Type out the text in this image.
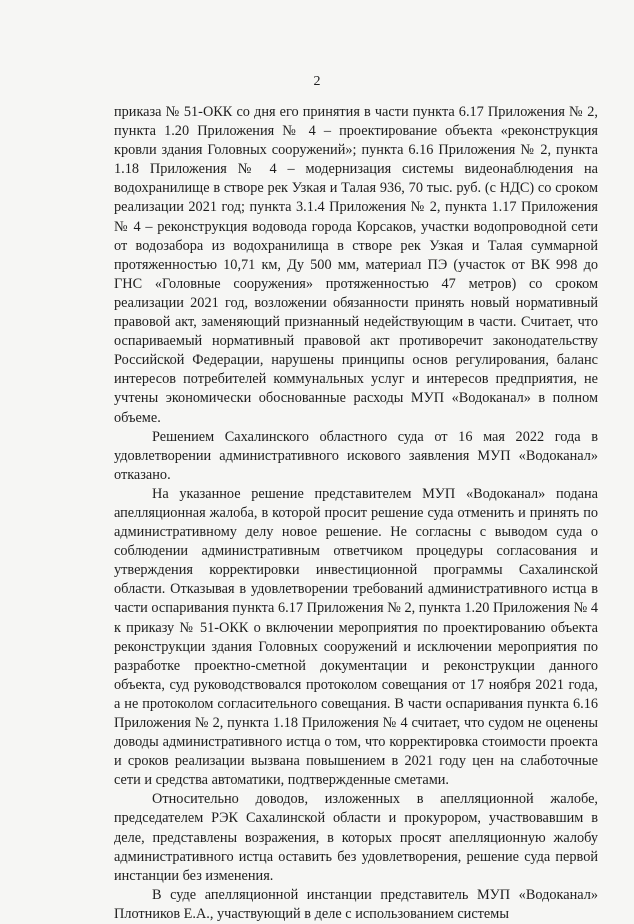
2

приказа № 51-ОКК со дня его принятия в части пункта 6.17 Приложения № 2, пункта 1.20 Приложения № 4 – проектирование объекта «реконструкция кровли здания Головных сооружений»; пункта 6.16 Приложения № 2, пункта 1.18 Приложения № 4 – модернизация системы видеонаблюдения на водохранилище в створе рек Узкая и Талая 936, 70 тыс. руб. (с НДС) со сроком реализации 2021 год; пункта 3.1.4 Приложения № 2, пункта 1.17 Приложения № 4 – реконструкция водовода города Корсаков, участки водопроводной сети от водозабора из водохранилища в створе рек Узкая и Талая суммарной протяженностью 10,71 км, Ду 500 мм, материал ПЭ (участок от ВК 998 до ГНС «Головные сооружения» протяженностью 47 метров) со сроком реализации 2021 год, возложении обязанности принять новый нормативный правовой акт, заменяющий признанный недействующим в части. Считает, что оспариваемый нормативный правовой акт противоречит законодательству Российской Федерации, нарушены принципы основ регулирования, баланс интересов потребителей коммунальных услуг и интересов предприятия, не учтены экономически обоснованные расходы МУП «Водоканал» в полном объеме.

Решением Сахалинского областного суда от 16 мая 2022 года в удовлетворении административного искового заявления МУП «Водоканал» отказано.

На указанное решение представителем МУП «Водоканал» подана апелляционная жалоба, в которой просит решение суда отменить и принять по административному делу новое решение. Не согласны с выводом суда о соблюдении административным ответчиком процедуры согласования и утверждения корректировки инвестиционной программы Сахалинской области. Отказывая в удовлетворении требований административного истца в части оспаривания пункта 6.17 Приложения № 2, пункта 1.20 Приложения № 4 к приказу № 51-ОКК о включении мероприятия по проектированию объекта реконструкции здания Головных сооружений и исключении мероприятия по разработке проектно-сметной документации и реконструкции данного объекта, суд руководствовался протоколом совещания от 17 ноября 2021 года, а не протоколом согласительного совещания. В части оспаривания пункта 6.16 Приложения № 2, пункта 1.18 Приложения № 4 считает, что судом не оценены доводы административного истца о том, что корректировка стоимости проекта и сроков реализации вызвана повышением в 2021 году цен на слаботочные сети и средства автоматики, подтвержденные сметами.

Относительно доводов, изложенных в апелляционной жалобе, председателем РЭК Сахалинской области и прокурором, участвовавшим в деле, представлены возражения, в которых просят апелляционную жалобу административного истца оставить без удовлетворения, решение суда первой инстанции без изменения.

В суде апелляционной инстанции представитель МУП «Водоканал» Плотников Е.А., участвующий в деле с использованием системы
